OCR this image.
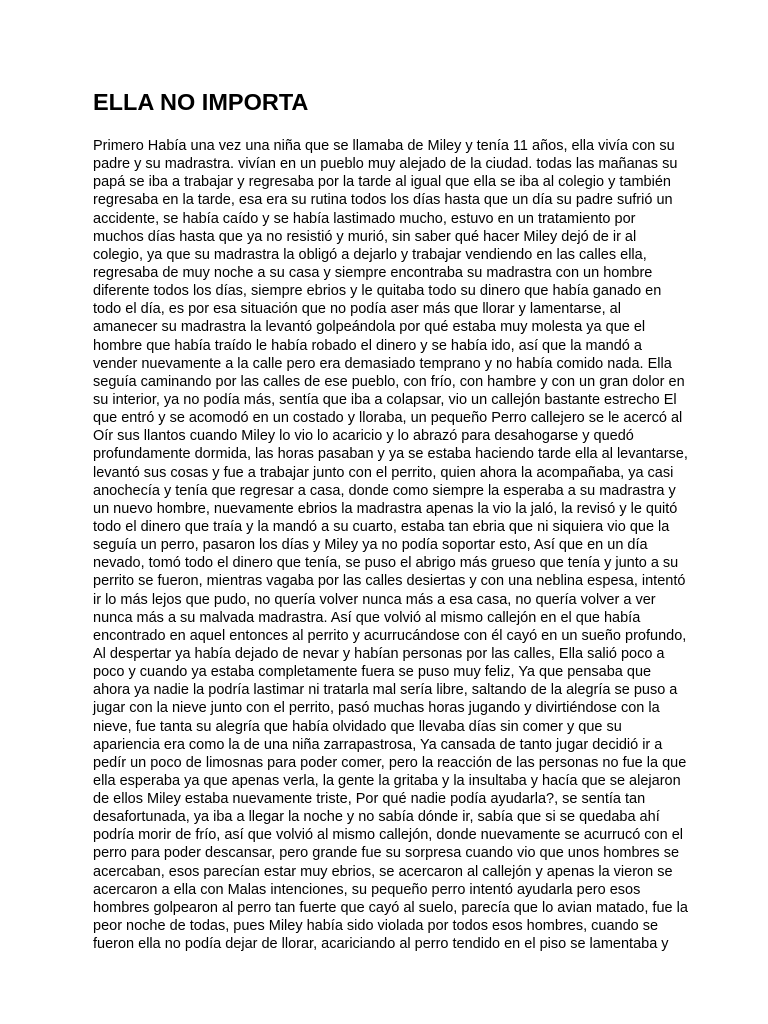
ELLA NO IMPORTA

Primero Había una vez una niña que se llamaba de Miley y tenía 11 años, ella vivía con su

padre y su madrastra. vivían en un pueblo muy alejado de la ciudad. todas las mañanas su

papá se iba a trabajar y regresaba por la tarde al igual que ella se iba al colegio y también

regresaba en la tarde, esa era su rutina todos los días hasta que un día su padre sufrió un

accidente, se había caído y se había lastimado mucho, estuvo en un tratamiento por

muchos días hasta que ya no resistió y murió, sin saber qué hacer Miley dejó de ir al

colegio, ya que su madrastra la obligó a dejarlo y trabajar vendiendo en las calles ella,

regresaba de muy noche a su casa y siempre encontraba su madrastra con un hombre

diferente todos los días, siempre ebrios y le quitaba todo su dinero que había ganado en

todo el día, es por esa situación que no podía aser más que llorar y lamentarse, al

amanecer su madrastra la levantó golpeándola por qué estaba muy molesta ya que el

hombre que había traído le había robado el dinero y se había ido, así que la mandó a

vender nuevamente a la calle pero era demasiado temprano y no había comido nada. Ella

seguía caminando por las calles de ese pueblo, con frío, con hambre y con un gran dolor en

su interior, ya no podía más, sentía que iba a colapsar, vio un callejón bastante estrecho El

que entró y se acomodó en un costado y lloraba, un pequeño Perro callejero se le acercó al

Oír sus llantos cuando Miley lo vio lo acaricio y lo abrazó para desahogarse y quedó

profundamente dormida, las horas pasaban y ya se estaba haciendo tarde ella al levantarse,

levantó sus cosas y fue a trabajar junto con el perrito, quien ahora la acompañaba, ya casi

anochecía y tenía que regresar a casa, donde como siempre la esperaba a su madrastra y

un nuevo hombre, nuevamente ebrios la madrastra apenas la vio la jaló, la revisó y le quitó

todo el dinero que traía y la mandó a su cuarto, estaba tan ebria que ni siquiera vio que la

seguía un perro, pasaron los días y Miley ya no podía soportar esto, Así que en un día

nevado, tomó todo el dinero que tenía, se puso el abrigo más grueso que tenía y junto a su

perrito se fueron, mientras vagaba por las calles desiertas y con una neblina espesa, intentó

ir lo más lejos que pudo, no quería volver nunca más a esa casa, no quería volver a ver

nunca más a su malvada madrastra. Así que volvió al mismo callejón en el que había

encontrado en aquel entonces al perrito y acurrucándose con él cayó en un sueño profundo,

Al despertar ya había dejado de nevar y habían personas por las calles, Ella salió poco a

poco y cuando ya estaba completamente fuera se puso muy feliz, Ya que pensaba que

ahora ya nadie la podría lastimar ni tratarla mal sería libre, saltando de la alegría se puso a

jugar con la nieve junto con el perrito, pasó muchas horas jugando y divirtiéndose con la

nieve, fue tanta su alegría que había olvidado que llevaba días sin comer y que su

apariencia era como la de una niña zarrapastrosa, Ya cansada de tanto jugar decidió ir a

pedír un poco de limosnas para poder comer, pero la reacción de las personas no fue la que

ella esperaba ya que apenas verla, la gente la gritaba y la insultaba y hacía que se alejaron

de ellos Miley estaba nuevamente triste, Por qué nadie podía ayudarla?, se sentía tan

desafortunada, ya iba a llegar la noche y no sabía dónde ir, sabía que si se quedaba ahí

podría morir de frío, así que volvió al mismo callejón, donde nuevamente se acurrucó con el

perro para poder descansar, pero grande fue su sorpresa cuando vio que unos hombres se

acercaban, esos parecían estar muy ebrios, se acercaron al callejón y apenas la vieron se

acercaron a ella con Malas intenciones, su pequeño perro intentó ayudarla pero esos

hombres golpearon al perro tan fuerte que cayó al suelo, parecía que lo avian matado, fue la

peor noche de todas, pues Miley había sido violada por todos esos hombres, cuando se

fueron ella no podía dejar de llorar, acariciando al perro tendido en el piso se lamentaba y
